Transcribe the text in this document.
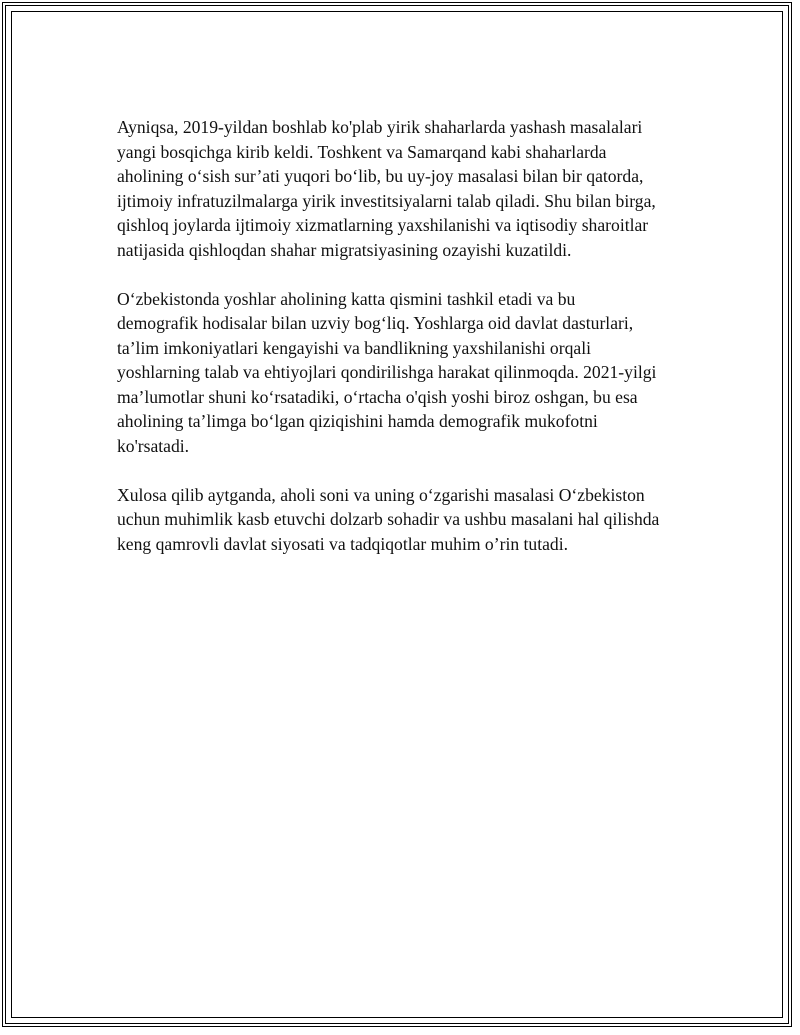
Ayniqsa, 2019-yildan boshlab ko'plab yirik shaharlarda yashash masalalari
yangi bosqichga kirib keldi. Toshkent va Samarqand kabi shaharlarda
aholining o‘sish sur’ati yuqori bo‘lib, bu uy-joy masalasi bilan bir qatorda,
ijtimoiy infratuzilmalarga yirik investitsiyalarni talab qiladi. Shu bilan birga,
qishloq joylarda ijtimoiy xizmatlarning yaxshilanishi va iqtisodiy sharoitlar
natijasida qishloqdan shahar migratsiyasining ozayishi kuzatildi.

O‘zbekistonda yoshlar aholining katta qismini tashkil etadi va bu
demografik hodisalar bilan uzviy bog‘liq. Yoshlarga oid davlat dasturlari,
ta’lim imkoniyatlari kengayishi va bandlikning yaxshilanishi orqali
yoshlarning talab va ehtiyojlari qondirilishga harakat qilinmoqda. 2021-yilgi
ma’lumotlar shuni ko‘rsatadiki, o‘rtacha o'qish yoshi biroz oshgan, bu esa
aholining ta’limga bo‘lgan qiziqishini hamda demografik mukofotni
ko'rsatadi.

Xulosa qilib aytganda, aholi soni va uning o‘zgarishi masalasi O‘zbekiston
uchun muhimlik kasb etuvchi dolzarb sohadir va ushbu masalani hal qilishda
keng qamrovli davlat siyosati va tadqiqotlar muhim o’rin tutadi.
